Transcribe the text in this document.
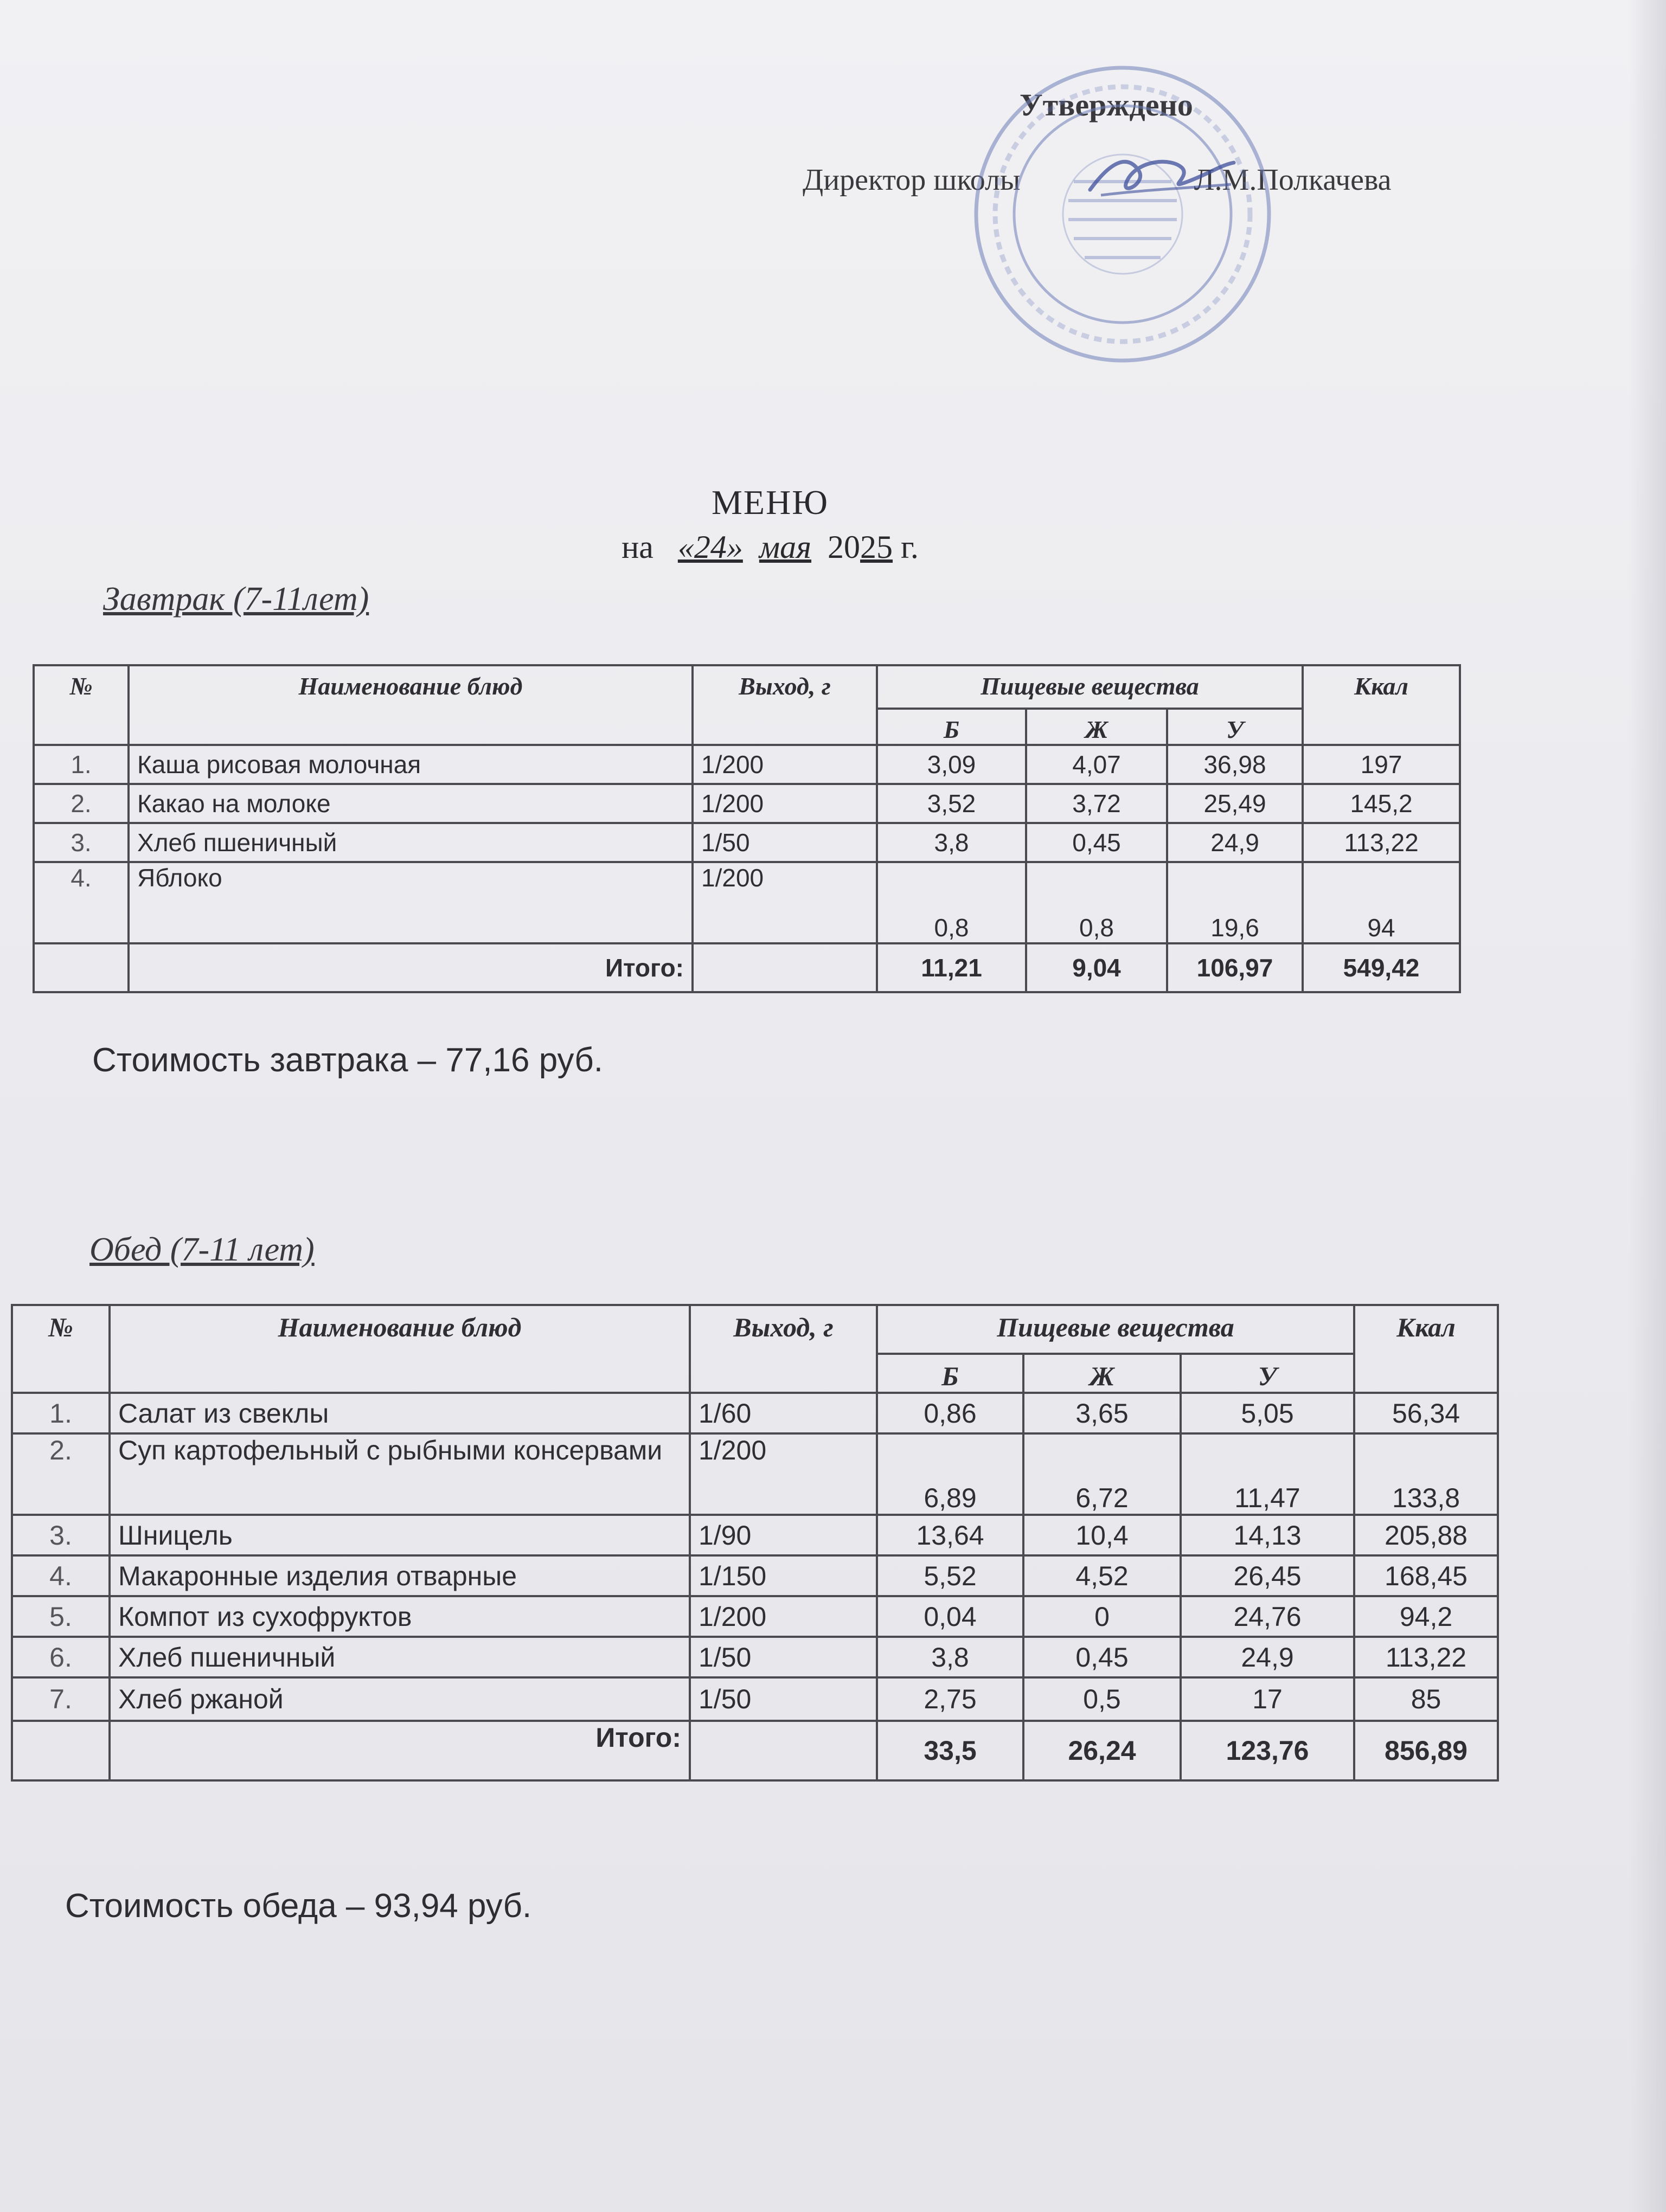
Утверждено
Директор школы	Л.М.Полкачева
МЕНЮ
на   «24» мая 2025 г.
Завтрак (7-11лет)
№	Наименование блюд	Выход, г	Пищевые вещества			Ккал
			Б	Ж	У	
1.	Каша рисовая молочная	1/200	3,09	4,07	36,98	197
2.	Какао на молоке	1/200	3,52	3,72	25,49	145,2
3.	Хлеб пшеничный	1/50	3,8	0,45	24,9	113,22
4.	Яблоко	1/200	0,8	0,8	19,6	94
	Итого:		11,21	9,04	106,97	549,42
Стоимость завтрака – 77,16 руб.
Обед (7-11 лет)
№	Наименование блюд	Выход, г	Пищевые вещества			Ккал
			Б	Ж	У	
1.	Салат из свеклы	1/60	0,86	3,65	5,05	56,34
2.	Суп картофельный с рыбными консервами	1/200	6,89	6,72	11,47	133,8
3.	Шницель	1/90	13,64	10,4	14,13	205,88
4.	Макаронные изделия отварные	1/150	5,52	4,52	26,45	168,45
5.	Компот из сухофруктов	1/200	0,04	0	24,76	94,2
6.	Хлеб пшеничный	1/50	3,8	0,45	24,9	113,22
7.	Хлеб ржаной	1/50	2,75	0,5	17	85
	Итого:		33,5	26,24	123,76	856,89
Стоимость обеда – 93,94 руб.
